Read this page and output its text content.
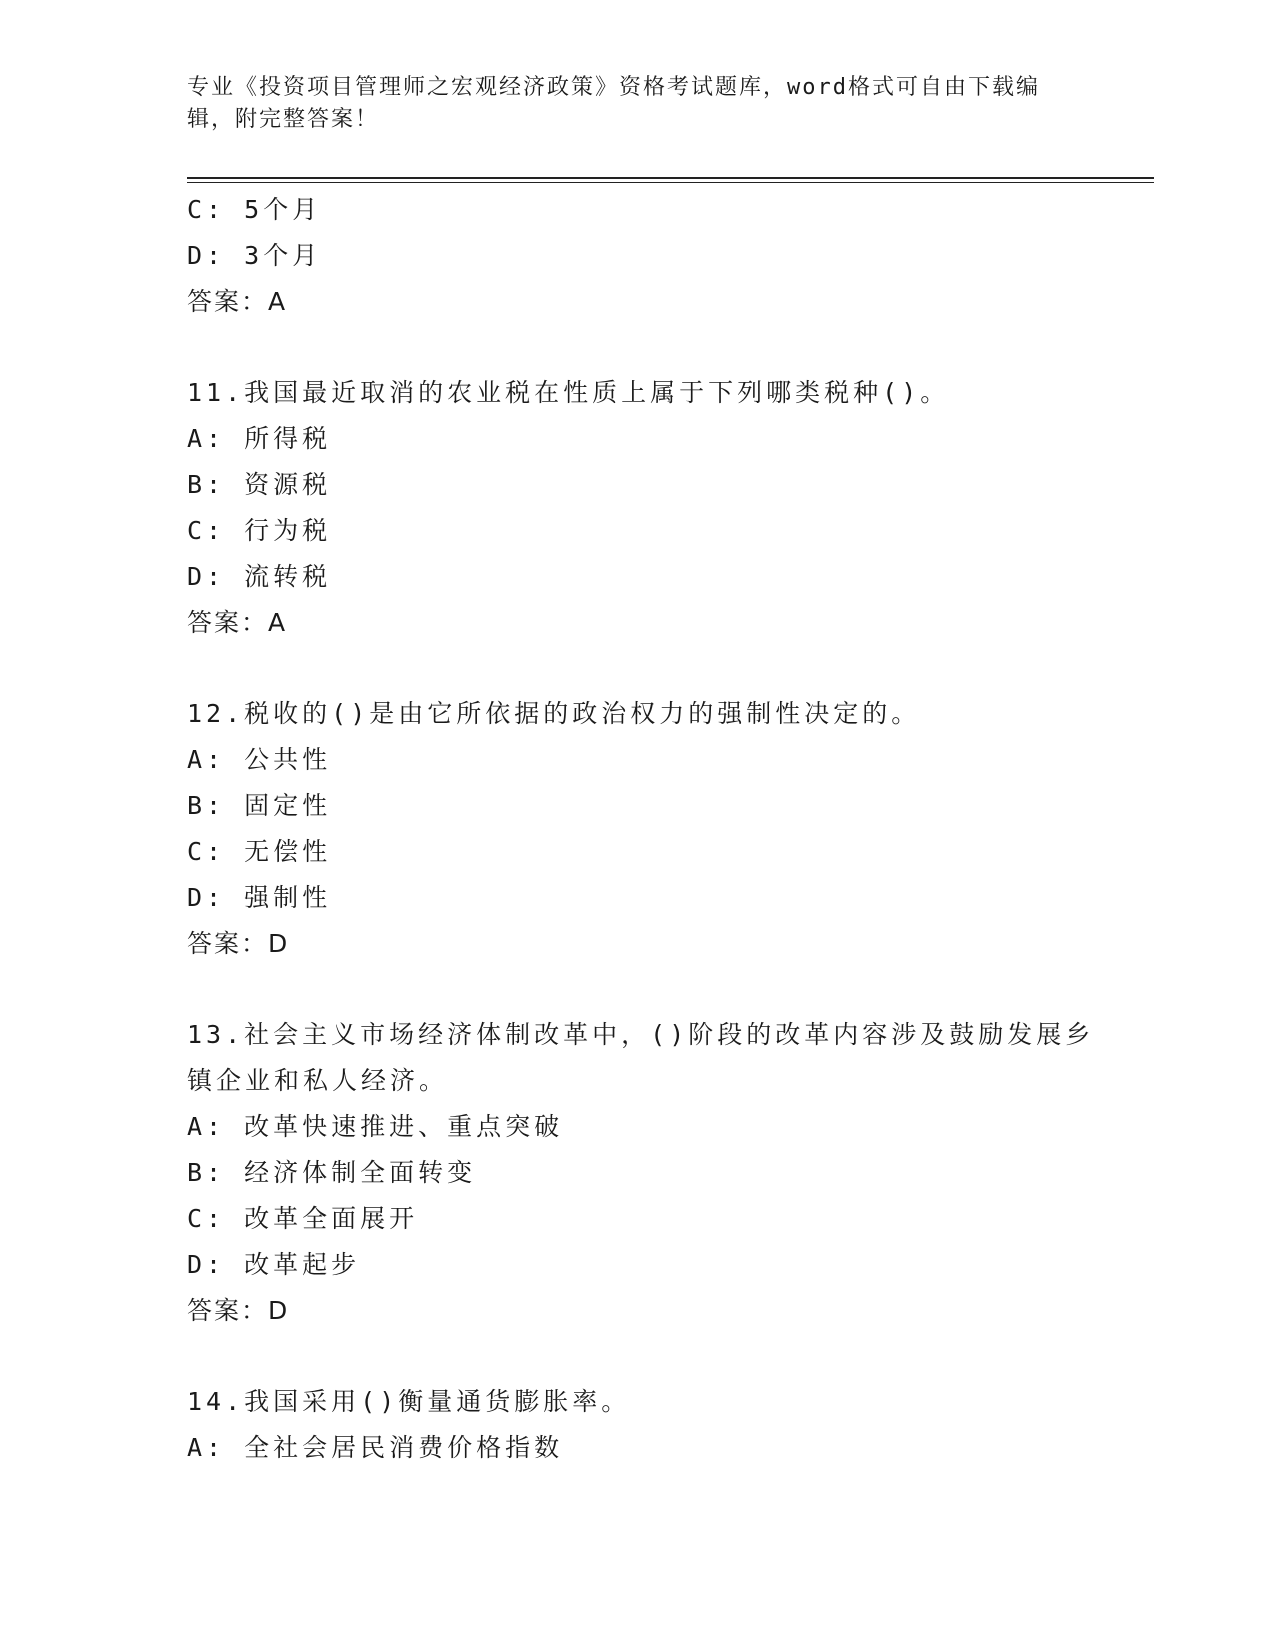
专业《投资项目管理师之宏观经济政策》资格考试题库，word格式可自由下载编辑，附完整答案！
C: 5个月
D: 3个月
答案：A
11.我国最近取消的农业税在性质上属于下列哪类税种()。
A: 所得税
B: 资源税
C: 行为税
D: 流转税
答案：A
12.税收的()是由它所依据的政治权力的强制性决定的。
A: 公共性
B: 固定性
C: 无偿性
D: 强制性
答案：D
13.社会主义市场经济体制改革中，()阶段的改革内容涉及鼓励发展乡
镇企业和私人经济。
A: 改革快速推进、重点突破
B: 经济体制全面转变
C: 改革全面展开
D: 改革起步
答案：D
14.我国采用()衡量通货膨胀率。
A: 全社会居民消费价格指数
